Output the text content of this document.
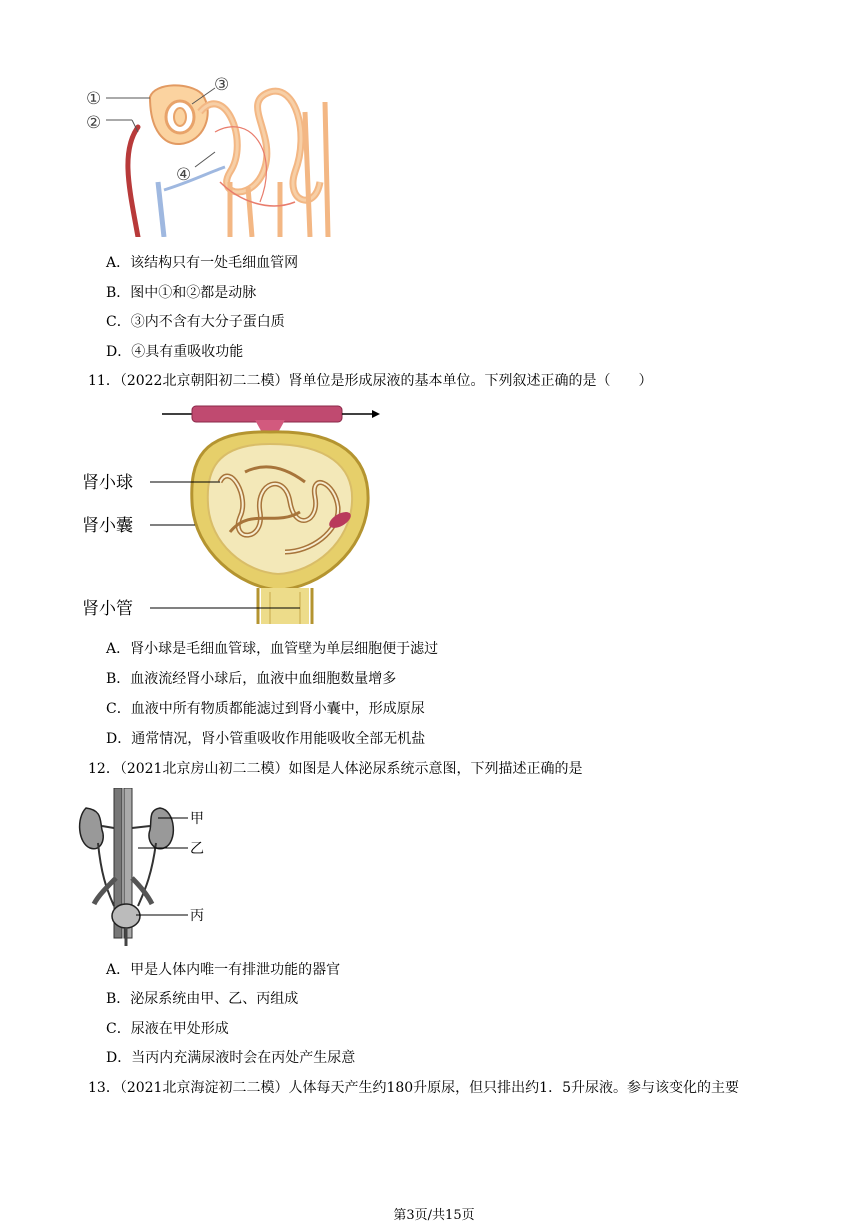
①
②
③
④
A．该结构只有一处毛细血管网
B．图中①和②都是动脉
C．③内不含有大分子蛋白质
D．④具有重吸收功能
11．（2022北京朝阳初二二模）肾单位是形成尿液的基本单位。下列叙述正确的是（　　）
肾小球
肾小囊
肾小管
A．肾小球是毛细血管球，血管壁为单层细胞便于滤过
B．血液流经肾小球后，血液中血细胞数量增多
C．血液中所有物质都能滤过到肾小囊中，形成原尿
D．通常情况，肾小管重吸收作用能吸收全部无机盐
12．（2021北京房山初二二模）如图是人体泌尿系统示意图，下列描述正确的是
甲
乙
丙
A．甲是人体内唯一有排泄功能的器官
B．泌尿系统由甲、乙、丙组成
C．尿液在甲处形成
D．当丙内充满尿液时会在丙处产生尿意
13．（2021北京海淀初二二模）人体每天产生约180升原尿，但只排出约1．5升尿液。参与该变化的主要
第3页/共15页
